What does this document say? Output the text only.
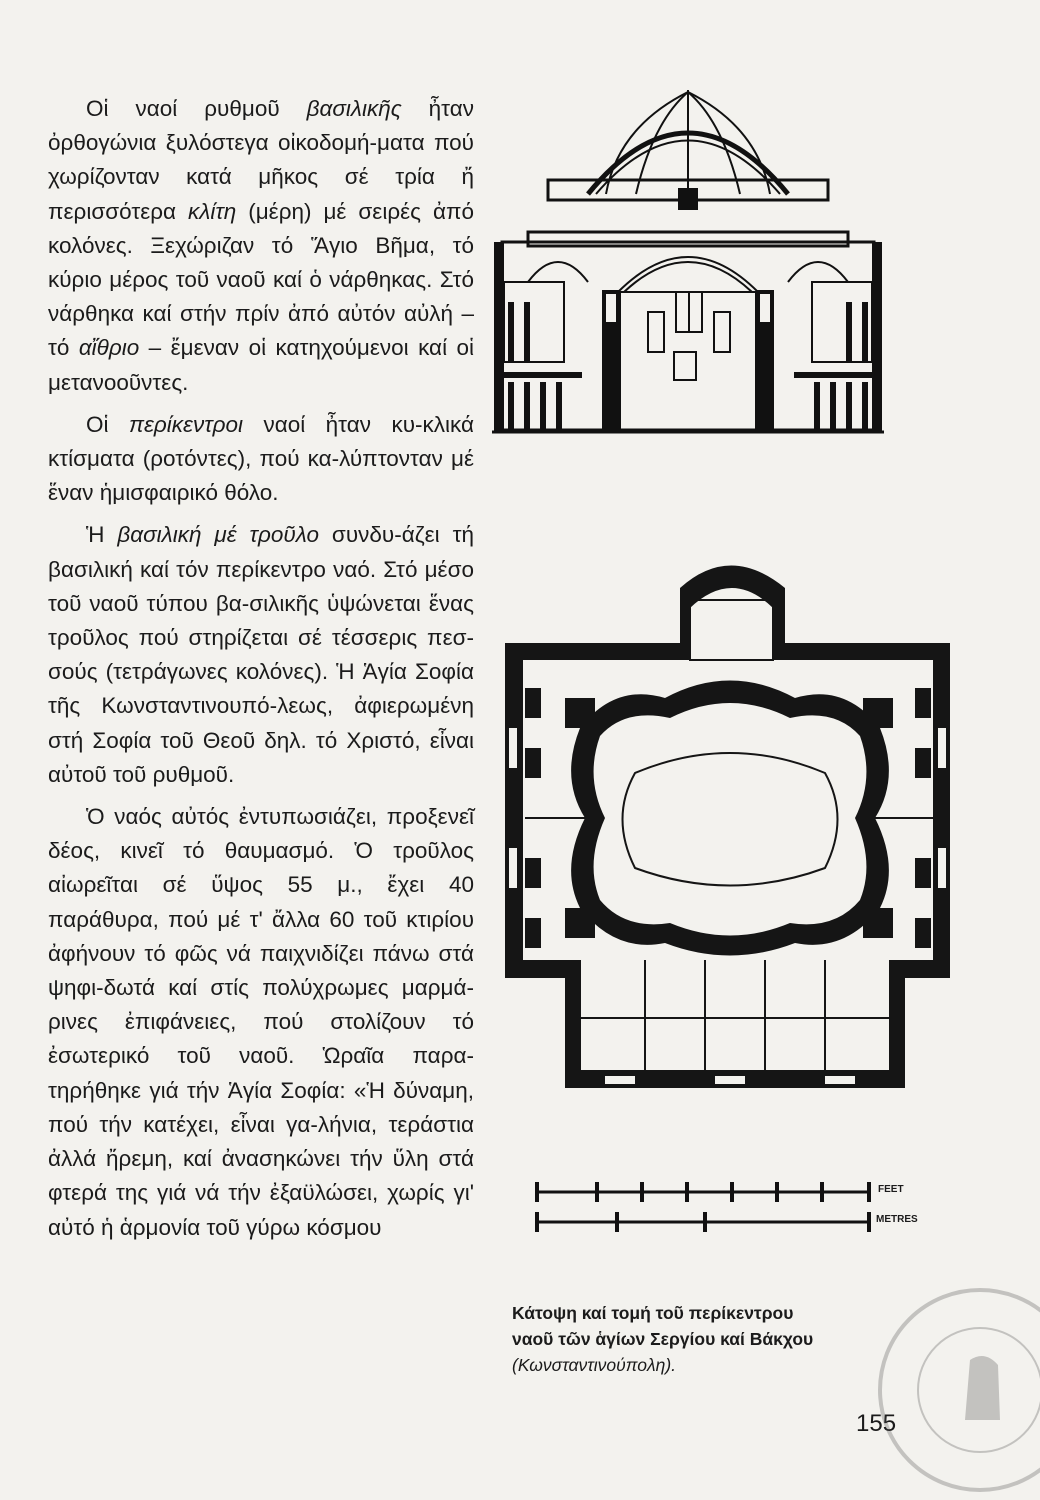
Οἱ ναοί ρυθμοῦ βασιλικῆς ἦταν ὀρθογώνια ξυλόστεγα οἰκοδομή-ματα πού χωρίζονταν κατά μῆκος σέ τρία ἤ περισσότερα κλίτη (μέρη) μέ σειρές ἀπό κολόνες. Ξεχώριζαν τό Ἅγιο Βῆμα, τό κύριο μέρος τοῦ ναοῦ καί ὁ νάρθηκας. Στό νάρθηκα καί στήν πρίν ἀπό αὐτόν αὐλή – τό αἴθριο – ἔμεναν οἱ κατηχούμενοι καί οἱ μετανοοῦντες.

Οἱ περίκεντροι ναοί ἦταν κυ-κλικά κτίσματα (ροτόντες), πού κα-λύπτονταν μέ ἕναν ἡμισφαιρικό θόλο.

Ἡ βασιλική μέ τροῦλο συνδυ-άζει τή βασιλική καί τόν περίκεντρο ναό. Στό μέσο τοῦ ναοῦ τύπου βα-σιλικῆς ὑψώνεται ἕνας τροῦλος πού στηρίζεται σέ τέσσερις πεσ-σούς (τετράγωνες κολόνες). Ἡ Ἁγία Σοφία τῆς Κωνσταντινουπό-λεως, ἀφιερωμένη στή Σοφία τοῦ Θεοῦ δηλ. τό Χριστό, εἶναι αὐτοῦ τοῦ ρυθμοῦ.

Ὁ ναός αὐτός ἐντυπωσιάζει, προξενεῖ δέος, κινεῖ τό θαυμασμό. Ὁ τροῦλος αἰωρεῖται σέ ὕψος 55 μ., ἔχει 40 παράθυρα, πού μέ τ' ἄλλα 60 τοῦ κτιρίου ἀφήνουν τό φῶς νά παιχνιδίζει πάνω στά ψηφι-δωτά καί στίς πολύχρωμες μαρμά-ρινες ἐπιφάνειες, πού στολίζουν τό ἐσωτερικό τοῦ ναοῦ. Ὡραῖα παρα-τηρήθηκε γιά τήν Ἁγία Σοφία: «Ἡ δύναμη, πού τήν κατέχει, εἶναι γα-λήνια, τεράστια ἀλλά ἤρεμη, καί ἀνασηκώνει τήν ὕλη στά φτερά της γιά νά τήν ἐξαϋλώσει, χωρίς γι' αὐτό ἡ ἁρμονία τοῦ γύρω κόσμου

FEET
METRES
Κάτοψη καί τομή τοῦ περίκεντρου
ναοῦ τῶν ἁγίων Σεργίου καί Βάκχου
(Κωνσταντινούπολη).
155
